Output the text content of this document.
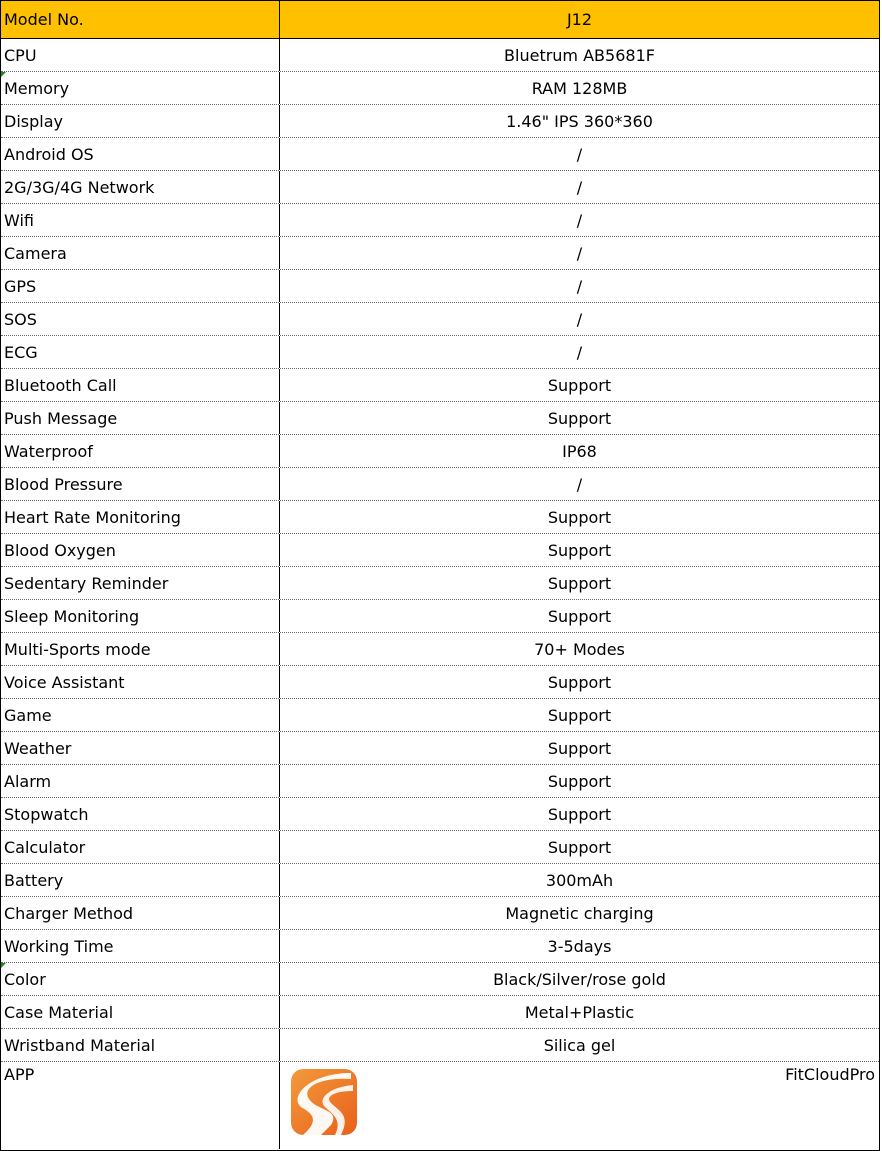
Model No.	J12
CPU	Bluetrum AB5681F
Memory	RAM 128MB
Display	1.46" IPS 360*360
Android OS	/
2G/3G/4G Network	/
Wifi	/
Camera	/
GPS	/
SOS	/
ECG	/
Bluetooth Call	Support
Push Message	Support
Waterproof	IP68
Blood Pressure	/
Heart Rate Monitoring	Support
Blood Oxygen	Support
Sedentary Reminder	Support
Sleep Monitoring	Support
Multi-Sports mode	70+ Modes
Voice Assistant	Support
Game	Support
Weather	Support
Alarm	Support
Stopwatch	Support
Calculator	Support
Battery	300mAh
Charger Method	Magnetic charging
Working Time	3-5days
Color	Black/Silver/rose gold
Case Material	Metal+Plastic
Wristband Material	Silica gel
APP	FitCloudPro
